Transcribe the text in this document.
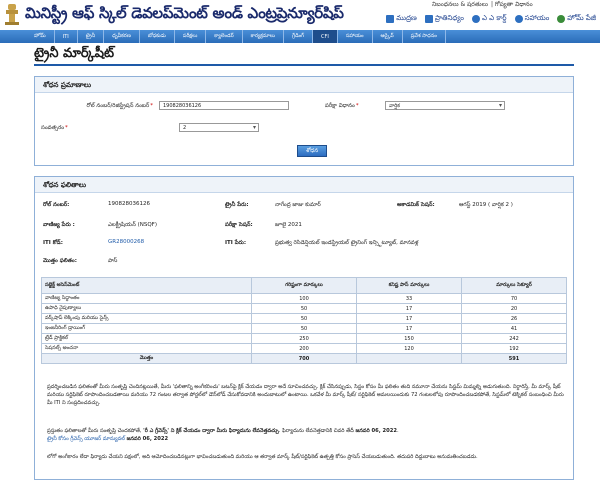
మినిస్ట్రీ ఆఫ్ స్కిల్ డెవలప్‌మెంట్ అండ్ ఎంట్రప్రెన్యూర్‌షిప్	నిబంధనలు & షరతులు | గోప్యతా విధానం
ముద్రణ	ప్రాతినిధ్యం	ఎ ఎ కార్డ్	సహాయం	హోమ్ పేజీ
హోమ్	ITI	ట్రైనీ	ధృవీకరణ	బోధకుడు	పరీక్షలు	క్యాలెండర్	కార్యక్రమాలు	గ్రేడింగ్	CFI	సహాయం	ఆర్కైవ్	ప్రవేశ సాధనం
ట్రైనీ మార్క్‌షీట్
శోధన ప్రమాణాలు
రోల్ నంబర్/రిజిస్ట్రేషన్ నంబర్*	190828036126	పరీక్షా విధానం*	వార్షిక ▾
సంవత్సరం*	2 ▾
శోధన
శోధన ఫలితాలు
రోల్ నంబర్:	190828036126	ట్రైనీ పేరు:	నాగేంద్ర జాజు కుమార్	అకాడమిక్ సెషన్:	ఆగస్ట్ 2019 ( వార్షిక 2 )
వాణిజ్య పేరు :	ఎలక్ట్రీషియన్ (NSQF)	పరీక్షా సెషన్:	జూలై 2021
ITI కోడ్:	GR28000268	ITI పేరు:	ప్రభుత్వ రెసిడెన్షియల్ ఇండస్ట్రియల్ ట్రైనింగ్ ఇన్స్టిట్యూట్, మానవళ్ల
మొత్తం ఫలితం:	పాస్
సబ్జెక్ట్ అసెస్‌మెంట్	గరిష్టంగా మార్కులు	కనిష్ట పాస్ మార్కులు	మార్కులు సెక్యూర్
వాణిజ్య సిద్ధాంతం	100	33	70
ఉపాధి నైపుణ్యాలు	50	17	20
వర్క్‌షాప్ లెక్కింపు మరియు సైన్స్	50	17	26
ఇంజనీరింగ్ డ్రాయింగ్	50	17	41
ట్రేడ్ ప్రాక్టికల్	250	150	242
సెషనల్స్ అంచనా	200	120	192
మొత్తం	700		591
ప్రదర్శించబడిన ఫలితంతో మీరు సంతృప్తి చెందినట్లయితే, మీరు 'ఫలితాన్ని అంగీకరించు' బటన్‌పై క్లిక్ చేయడం ద్వారా అదే సూచించవచ్చు. క్లిక్ చేసినప్పుడు, సిస్టం కోసం మీ ఫలితం తుది నమూనా చేయను సిస్టమ్ మిమ్మల్ని అడుగుతుంది. నిర్ధారిస్తే, మీ మార్క్ షీట్ మరియు సర్టిఫికెట్ రూపొందించబడతాయి మరియు 72 గంటల తర్వాత పోర్టల్‌లో డౌన్‌లోడ్ చేసుకోవడానికి అందుబాటులో ఉంటాయి. ఒకవేళ మీ మార్క్ షీట్/ సర్టిఫికెట్ అమలయిందుకు 72 గంటలలోపు రూపొందించబడకపోతే, సిస్టమ్‌లో టెక్నికల్ సంబంధించి మీరు మీ ITI ని సంప్రదించవచ్చు.
ప్రస్తుతం ఫలితాలతో మీరు సంతృప్తి చెందకపోతే, 'రీ ఎ గ్రీవెన్స్' ని క్లిక్ చేయడం ద్వారా మీరు ఫిర్యాదును లేవనెత్తవచ్చు. ఫిర్యాదును లేవనెత్తడానికి చివరి తేదీ జనవరి 06, 2022.
ట్రైనీ కోసం గ్రీవెన్స్ యూజర్ మాన్యువల్ జనవరి 06, 2022
లోగో అంగీకారం లేదా ఫిర్యాదు చేయని పక్షంలో, అది ఆమోదించబడినట్లుగా భావించబడుతుంది మరియు ఆ తర్వాత మార్క్ షీట్/సర్టిఫికెట్ ఉత్పత్తి కోసం ప్రాసెస్ చేయబడుతుంది. తదుపరి దిద్దుబాటు అనుమతించబడదు.
